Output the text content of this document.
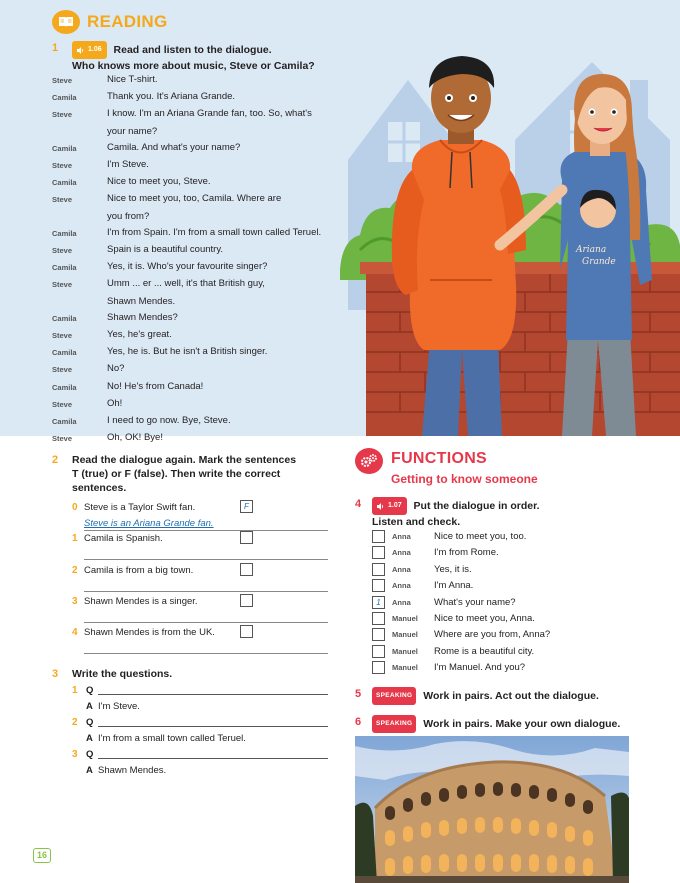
READING
1	1.06 Read and listen to the dialogue.
Who knows more about music, Steve or Camila?
Steve	Nice T-shirt.
Camila	Thank you. It's Ariana Grande.
Steve	I know. I'm an Ariana Grande fan, too. So, what's
your name?
Camila	Camila. And what's your name?
Steve	I'm Steve.
Camila	Nice to meet you, Steve.
Steve	Nice to meet you, too, Camila. Where are
you from?
Camila	I'm from Spain. I'm from a small town called Teruel.
Steve	Spain is a beautiful country.
Camila	Yes, it is. Who's your favourite singer?
Steve	Umm ... er ... well, it's that British guy,
Shawn Mendes.
Camila	Shawn Mendes?
Steve	Yes, he's great.
Camila	Yes, he is. But he isn't a British singer.
Steve	No?
Camila	No! He's from Canada!
Steve	Oh!
Camila	I need to go now. Bye, Steve.
Steve	Oh, OK! Bye!
Ariana
Grande
2 Read the dialogue again. Mark the sentences
T (true) or F (false). Then write the correct
sentences.
0 Steve is a Taylor Swift fan.	F
Steve is an Ariana Grande fan.
1 Camila is Spanish.
2 Camila is from a big town.
3 Shawn Mendes is a singer.
4 Shawn Mendes is from the UK.
3 Write the questions.
1 Q
A I'm Steve.
2 Q
A I'm from a small town called Teruel.
3 Q
A Shawn Mendes.
FUNCTIONS
Getting to know someone
4	1.07 Put the dialogue in order.
Listen and check.
Anna	Nice to meet you, too.
Anna	I'm from Rome.
Anna	Yes, it is.
Anna	I'm Anna.
1	Anna	What's your name?
Manuel	Nice to meet you, Anna.
Manuel	Where are you from, Anna?
Manuel	Rome is a beautiful city.
Manuel	I'm Manuel. And you?
5	SPEAKING Work in pairs. Act out the dialogue.
6	SPEAKING Work in pairs. Make your own dialogue.
16
